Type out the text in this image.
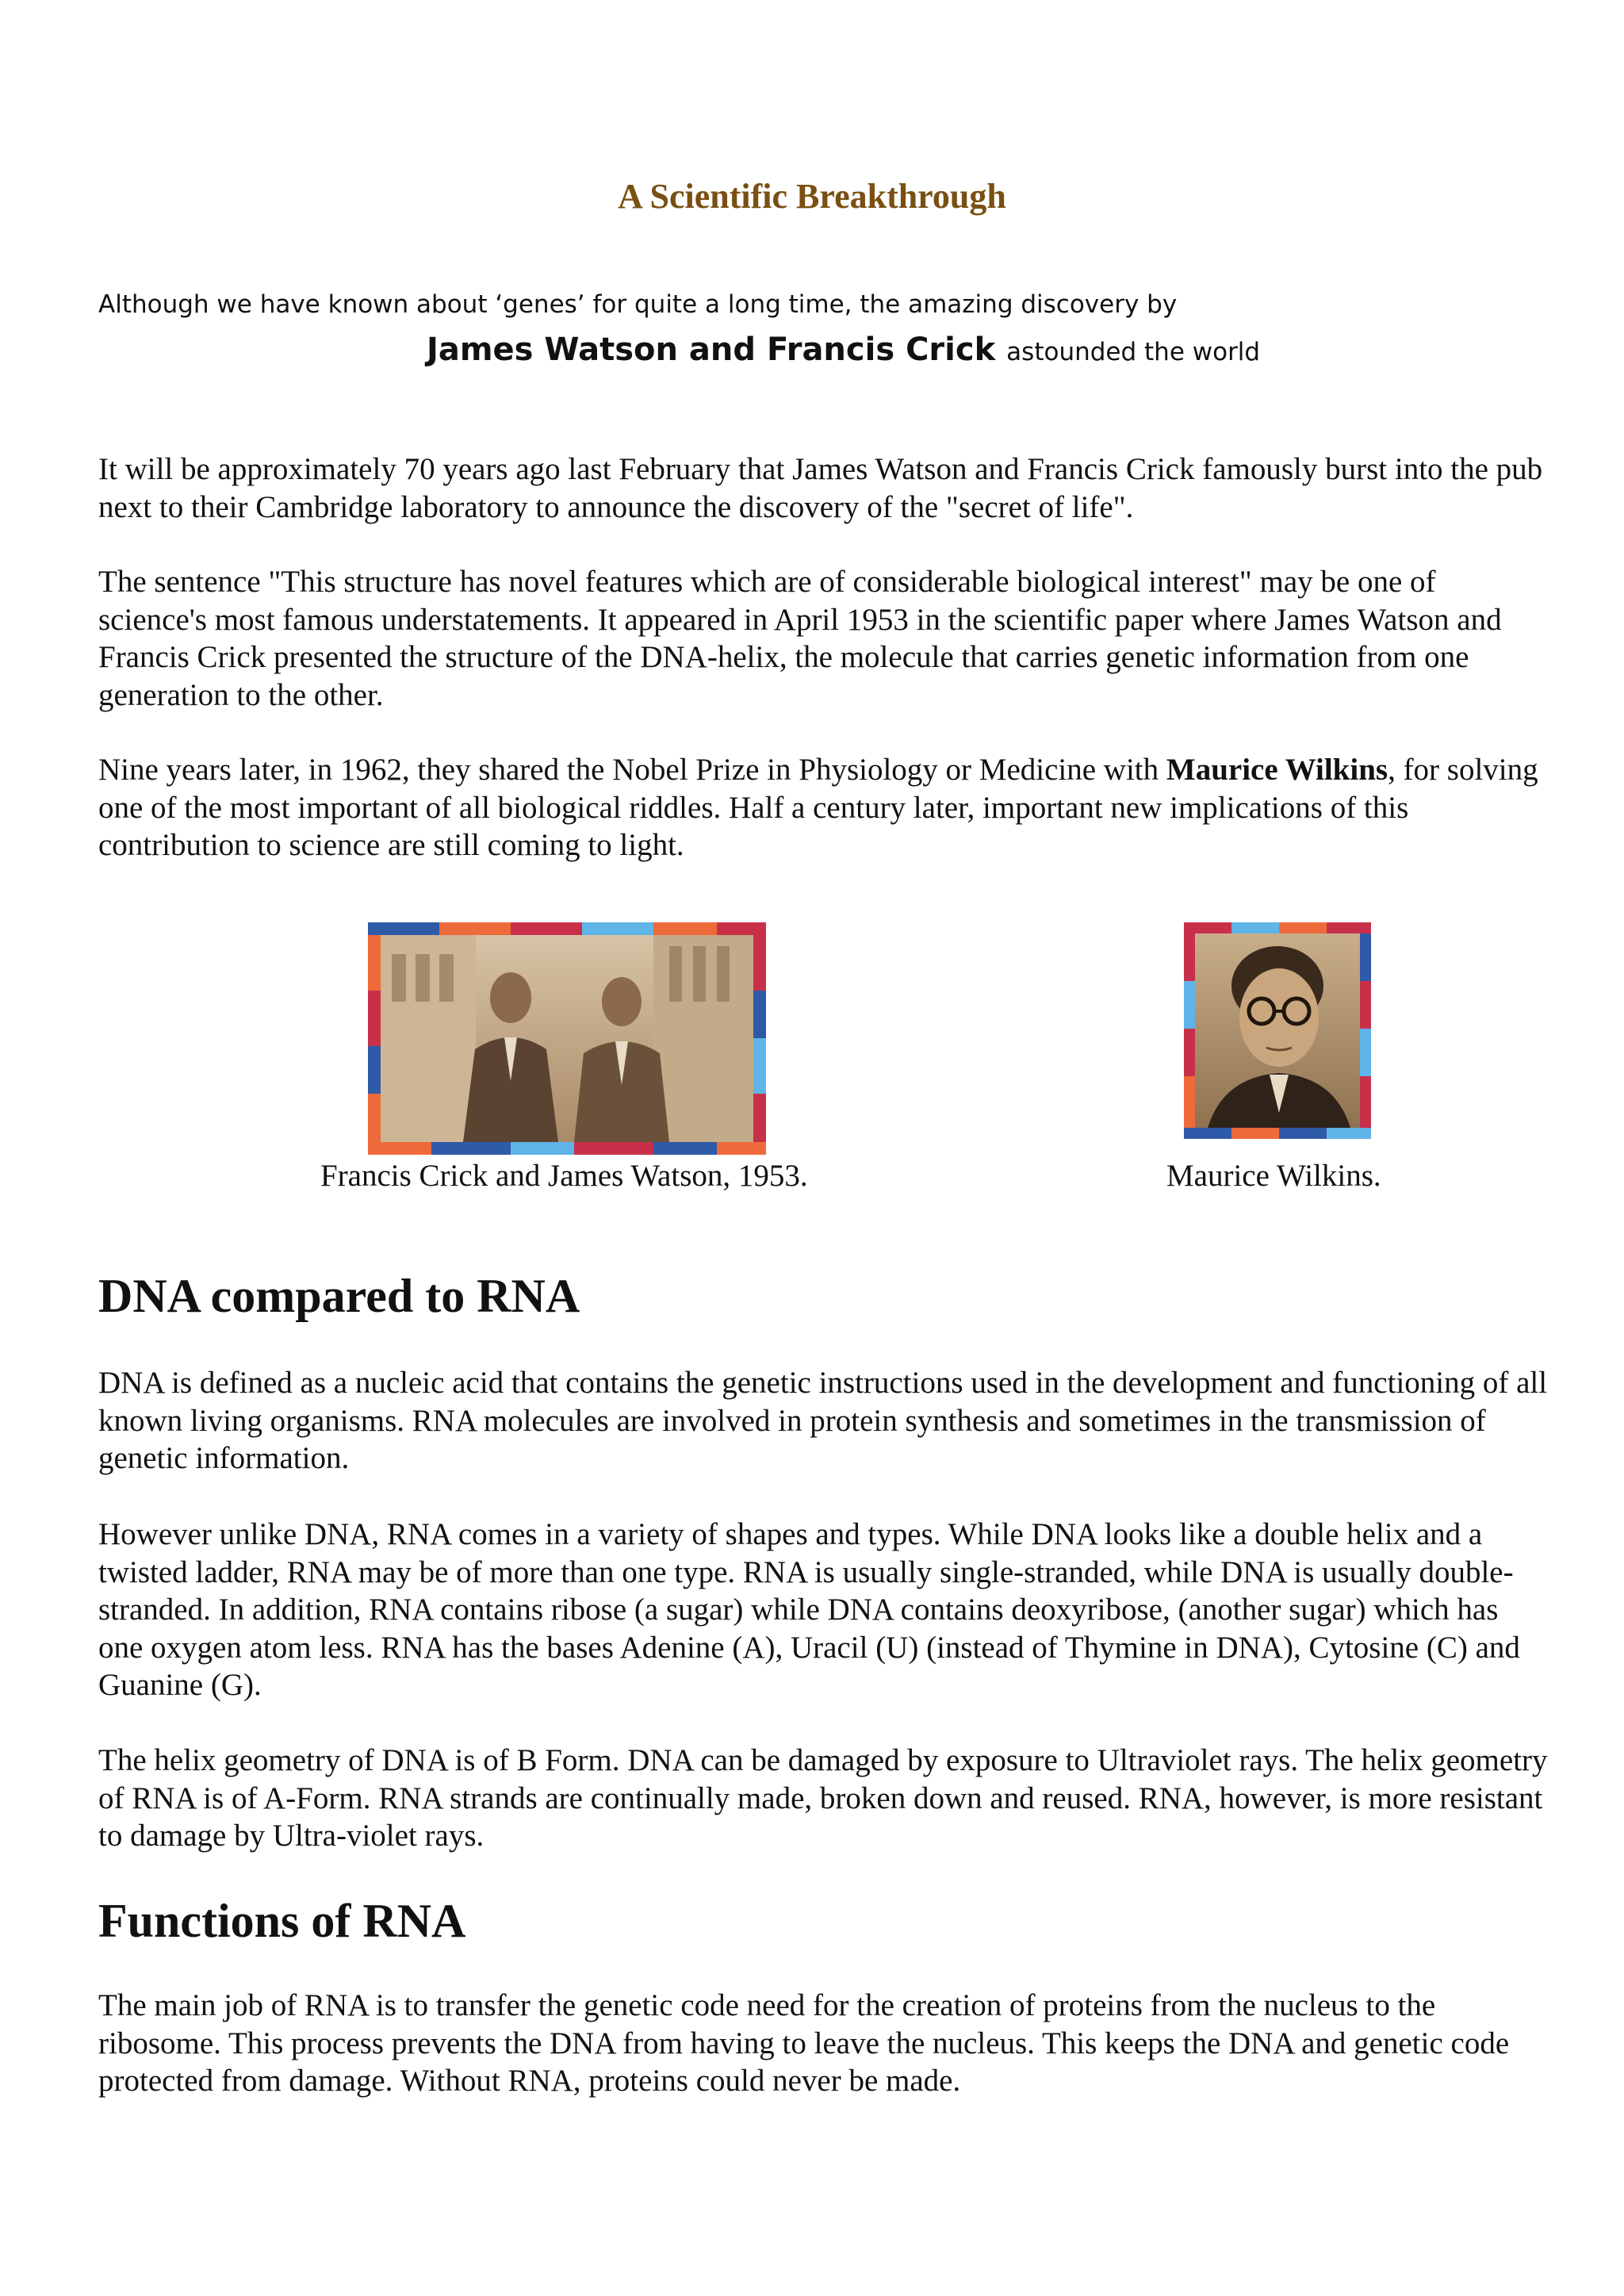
A Scientific Breakthrough
Although we have known about ‘genes’ for quite a long time, the amazing discovery by
James Watson and Francis Crick astounded the world

It will be approximately 70 years ago last February that James Watson and Francis Crick famously burst into the pub next to their Cambridge laboratory to announce the discovery of the "secret of life".

The sentence "This structure has novel features which are of considerable biological interest" may be one of science's most famous understatements. It appeared in April 1953 in the scientific paper where James Watson and Francis Crick presented the structure of the DNA-helix, the molecule that carries genetic information from one generation to the other.

Nine years later, in 1962, they shared the Nobel Prize in Physiology or Medicine with Maurice Wilkins, for solving one of the most important of all biological riddles. Half a century later, important new implications of this contribution to science are still coming to light.

Francis Crick and James Watson, 1953.	Maurice Wilkins.
DNA compared to RNA

DNA is defined as a nucleic acid that contains the genetic instructions used in the development and functioning of all known living organisms. RNA molecules are involved in protein synthesis and sometimes in the transmission of genetic information.

However unlike DNA, RNA comes in a variety of shapes and types. While DNA looks like a double helix and a twisted ladder, RNA may be of more than one type. RNA is usually single-stranded, while DNA is usually double-stranded. In addition, RNA contains ribose (a sugar) while DNA contains deoxyribose, (another sugar) which has one oxygen atom less. RNA has the bases Adenine (A), Uracil (U) (instead of Thymine in DNA), Cytosine (C) and Guanine (G).

The helix geometry of DNA is of B Form. DNA can be damaged by exposure to Ultraviolet rays. The helix geometry of RNA is of A-Form. RNA strands are continually made, broken down and reused. RNA, however, is more resistant to damage by Ultra-violet rays.

Functions of RNA

The main job of RNA is to transfer the genetic code need for the creation of proteins from the nucleus to the ribosome. This process prevents the DNA from having to leave the nucleus. This keeps the DNA and genetic code protected from damage. Without RNA, proteins could never be made.
